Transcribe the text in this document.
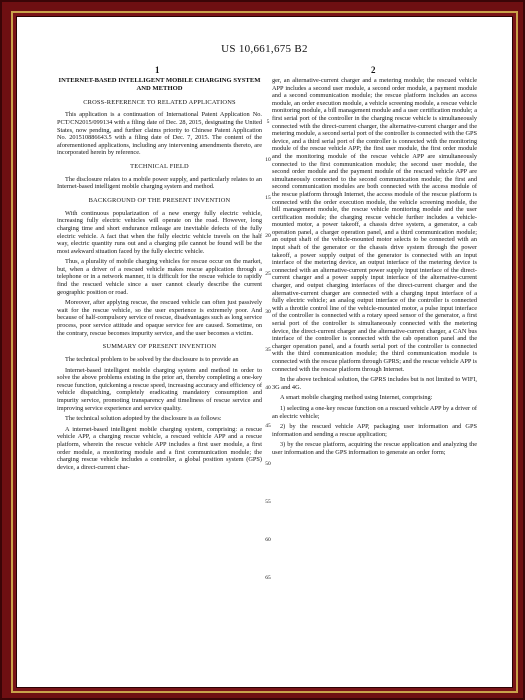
US 10,661,675 B2
1	2
INTERNET-BASED INTELLIGENT MOBILE CHARGING SYSTEM AND METHOD
CROSS-REFERENCE TO RELATED APPLICATIONS

This application is a continuation of International Patent Application No. PCT/CN2015/099134 with a filing date of Dec. 28, 2015, designating the United States, now pending, and further claims priority to Chinese Patent Application No. 201510886643.5 with a filing date of Dec. 7, 2015. The content of the aforementioned applications, including any intervening amendments thereto, are incorporated herein by reference.

TECHNICAL FIELD

The disclosure relates to a mobile power supply, and particularly relates to an Internet-based intelligent mobile charging system and method.

BACKGROUND OF THE PRESENT INVENTION

With continuous popularization of a new energy fully electric vehicle, increasing fully electric vehicles will operate on the road. However, long charging time and short endurance mileage are inevitable defects of the fully electric vehicle. A fact that when the fully electric vehicle travels on the half way, electric quantity runs out and a charging pile cannot be found will be the most awkward situation faced by the fully electric vehicle.

Thus, a plurality of mobile charging vehicles for rescue occur on the market, but, when a driver of a rescued vehicle makes rescue application through a telephone or in a network manner, it is difficult for the rescue vehicle to rapidly find the rescued vehicle since a user cannot clearly describe the current geographic position or road.

Moreover, after applying rescue, the rescued vehicle can often just passively wait for the rescue vehicle, so the user experience is extremely poor. And because of half-compulsory service of rescue, disadvantages such as long service process, poor service attitude and opaque service fee are caused. Sometime, on the contrary, rescue becomes impurity service, and the user becomes a victim.

SUMMARY OF PRESENT INVENTION

The technical problem to be solved by the disclosure is to provide an

Internet-based intelligent mobile charging system and method in order to solve the above problems existing in the prior art, thereby completing a one-key rescue function, quickening a rescue speed, increasing accuracy and efficiency of vehicle dispatching, completely eradicating mandatory consumption and impurity service, promoting transparency and timeliness of rescue service and improving service experience and service quality.

The technical solution adopted by the disclosure is as follows:

A internet-based intelligent mobile charging system, comprising: a rescue vehicle APP, a charging rescue vehicle, a rescued vehicle APP and a rescue platform, wherein the rescue vehicle APP includes a first user module, a first order module, a monitoring module and a first communication module; the charging rescue vehicle includes a controller, a global position system (GPS) device, a direct-current char-

5
10
15
20
25
30
35
40
45
50
55
60
65

ger, an alternative-current charger and a metering module; the rescued vehicle APP includes a second user module, a second order module, a payment module and a second communication module; the rescue platform includes an access module, an order execution module, a vehicle screening module, a rescue vehicle monitoring module, a bill management module and a user certification module; a first serial port of the controller in the charging rescue vehicle is simultaneously connected with the direct-current charger, the alternative-current charger and the metering module, a second serial port of the controller is connected with the GPS device, and a third serial port of the controller is connected with the monitoring module of the rescue vehicle APP; the first user module, the first order module and the monitoring module of the rescue vehicle APP are simultaneously connected to the first communication module; the second user module, the second order module and the payment module of the rescued vehicle APP are simultaneously connected to the second communication module; the first and second communication modules are both connected with the access module of the rescue platform through Internet, the access module of the rescue platform is connected with the order execution module, the vehicle screening module, the bill management module, the rescue vehicle monitoring module and the user certification module; the charging rescue vehicle further includes a vehicle-mounted motor, a power takeoff, a chassis drive system, a generator, a cab operation panel, a charger operation panel, and a third communication module; an output shaft of the vehicle-mounted motor selects to be connected with an input shaft of the generator or the chassis drive system through the power takeoff, a power supply output of the generator is connected with an input interface of the metering device, an output interface of the metering device is connected with an alternative-current power supply input interface of the direct-current charger and a power supply input interface of the alternative-current charger, and output charging interfaces of the direct-current charger and the alternative-current charger are connected with a charging input interface of a fully electric vehicle; an analog output interface of the controller is connected with a throttle control line of the vehicle-mounted motor, a pulse input interface of the controller is connected with a rotary speed sensor of the generator, a first serial port of the controller is simultaneously connected with the metering device, the direct-current charger and the alternative-current charger, a CAN bus interface of the controller is connected with the cab operation panel and the charger operation panel, and a fourth serial port of the controller is connected with the third communication module; the third communication module is connected with the rescue platform through GPRS; and the rescue vehicle APP is connected with the rescue platform through Internet.

In the above technical solution, the GPRS includes but is not limited to WIFI, 3G and 4G.

A smart mobile charging method using Internet, comprising:

1) selecting a one-key rescue function on a rescued vehicle APP by a driver of an electric vehicle;

2) by the rescued vehicle APP, packaging user information and GPS information and sending a rescue application;

3) by the rescue platform, acquiring the rescue application and analyzing the user information and the GPS information to generate an order form;
